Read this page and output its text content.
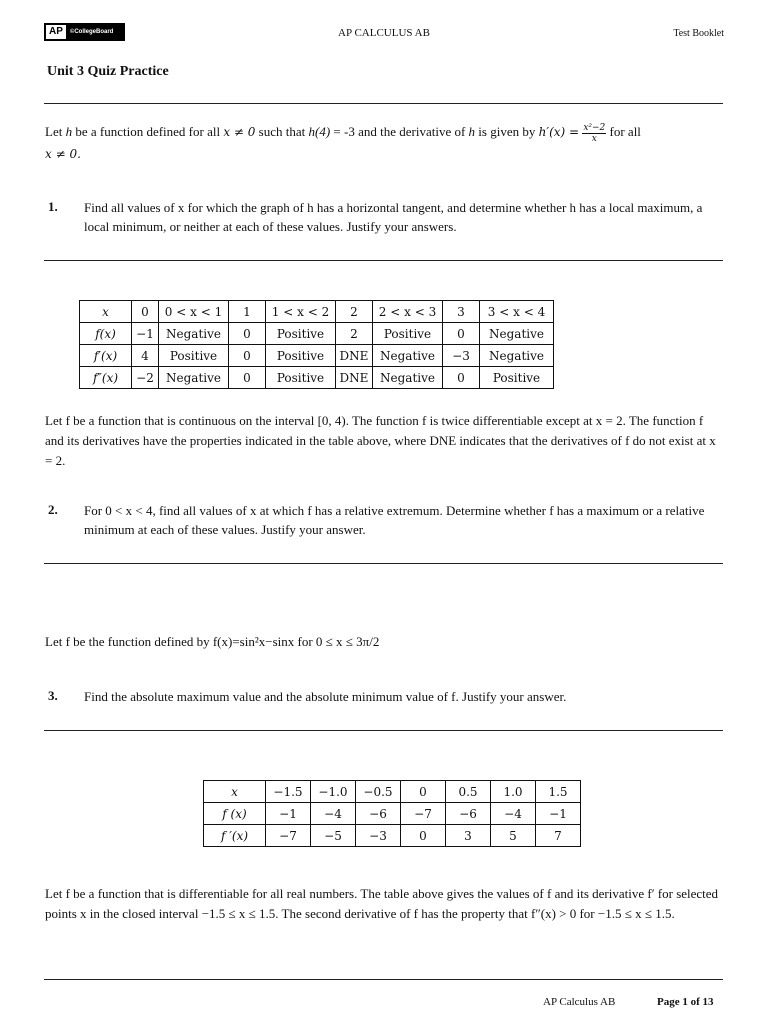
AP	©CollegeBoard	AP CALCULUS AB	Test Booklet
Unit 3 Quiz Practice
Let h be a function defined for all x ≠ 0 such that h(4) = -3 and the derivative of h is given by $h'(x) = \frac{\text{x²−2}}{x}$ for all
x ≠ 0.
1. Find all values of x for which the graph of h has a horizontal tangent, and determine whether h has a local maximum, a local minimum, or neither at each of these values. Justify your answers.
x	0	0 < x < 1	1	1 < x < 2	2	2 < x < 3	3	3 < x < 4
f(x)	−1	Negative	0	Positive	2	Positive	0	Negative
f′(x)	4	Positive	0	Positive	DNE	Negative	−3	Negative
f″(x)	−2	Negative	0	Positive	DNE	Negative	0	Positive
Let f be a function that is continuous on the interval [0, 4). The function f is twice differentiable except at x = 2. The function f and its derivatives have the properties indicated in the table above, where DNE indicates that the derivatives of f do not exist at x = 2.
2. For 0 < x < 4, find all values of x at which f has a relative extremum. Determine whether f has a maximum or a relative minimum at each of these values. Justify your answer.
Let f be the function defined by f(x)=sin²x−sinx for 0 ≤ x ≤ 3π/2
3. Find the absolute maximum value and the absolute minimum value of f. Justify your answer.
x	−1.5	−1.0	−0.5	0	0.5	1.0	1.5
f (x)	−1	−4	−6	−7	−6	−4	−1
f ′(x)	−7	−5	−3	0	3	5	7
Let f be a function that is differentiable for all real numbers. The table above gives the values of f and its derivative f′ for selected points x in the closed interval −1.5 ≤ x ≤ 1.5. The second derivative of f has the property that f″(x) > 0 for −1.5 ≤ x ≤ 1.5.
AP Calculus AB	Page 1 of 13
